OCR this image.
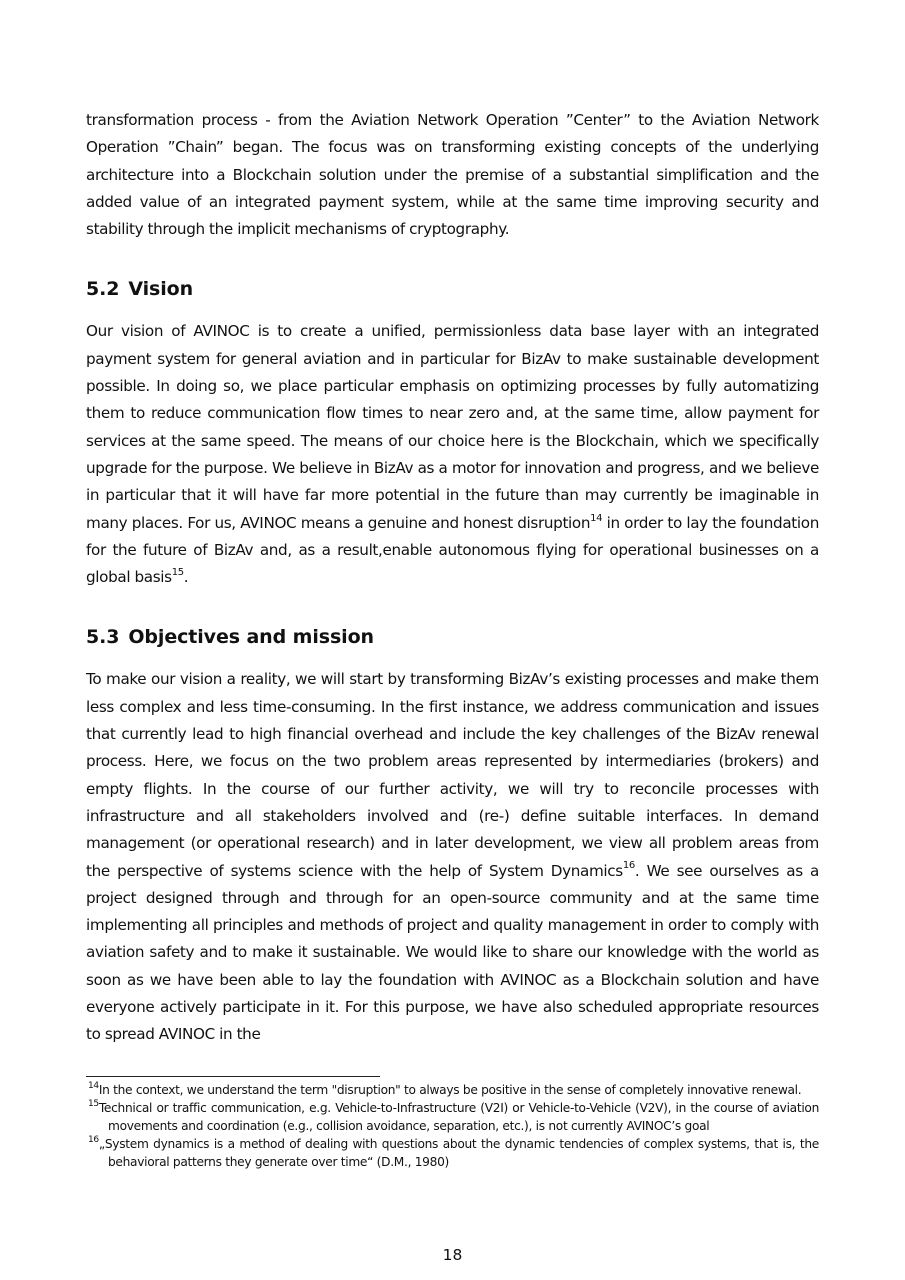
transformation process - from the Aviation Network Operation ”Center” to the Aviation Network Operation ”Chain” began. The focus was on transforming existing concepts of the underlying architecture into a Blockchain solution under the premise of a substantial simplification and the added value of an integrated payment system, while at the same time improving security and stability through the implicit mechanisms of cryptography.

5.2 Vision

Our vision of AVINOC is to create a unified, permissionless data base layer with an integrated payment system for general aviation and in particular for BizAv to make sustainable development possible. In doing so, we place particular emphasis on optimizing processes by fully automatizing them to reduce communication flow times to near zero and, at the same time, allow payment for services at the same speed. The means of our choice here is the Blockchain, which we specifically upgrade for the purpose. We believe in BizAv as a motor for innovation and progress, and we believe in particular that it will have far more potential in the future than may currently be imaginable in many places. For us, AVINOC means a genuine and honest disruption$^{14}$ in order to lay the foundation for the future of BizAv and, as a result,enable autonomous flying for operational businesses on a global basis$^{15}$.

5.3 Objectives and mission

To make our vision a reality, we will start by transforming BizAv’s existing processes and make them less complex and less time-consuming. In the first instance, we address communication and issues that currently lead to high financial overhead and include the key challenges of the BizAv renewal process. Here, we focus on the two problem areas represented by intermediaries (brokers) and empty flights. In the course of our further activity, we will try to reconcile processes with infrastructure and all stakeholders involved and (re-) define suitable interfaces. In demand management (or operational research) and in later development, we view all problem areas from the perspective of systems science with the help of System Dynamics$^{16}$. We see ourselves as a project designed through and through for an open-source community and at the same time implementing all principles and methods of project and quality management in order to comply with aviation safety and to make it sustainable. We would like to share our knowledge with the world as soon as we have been able to lay the foundation with AVINOC as a Blockchain solution and have everyone actively participate in it. For this purpose, we have also scheduled appropriate resources to spread AVINOC in the

$^{14}$In the context, we understand the term "disruption" to always be positive in the sense of completely innovative renewal.

$^{15}$Technical or traffic communication, e.g. Vehicle-to-Infrastructure (V2I) or Vehicle-to-Vehicle (V2V), in the course of aviation movements and coordination (e.g., collision avoidance, separation, etc.), is not currently AVINOC’s goal

$^{16}$„System dynamics is a method of dealing with questions about the dynamic tendencies of complex systems, that is, the behavioral patterns they generate over time“ (D.M., 1980)

18
